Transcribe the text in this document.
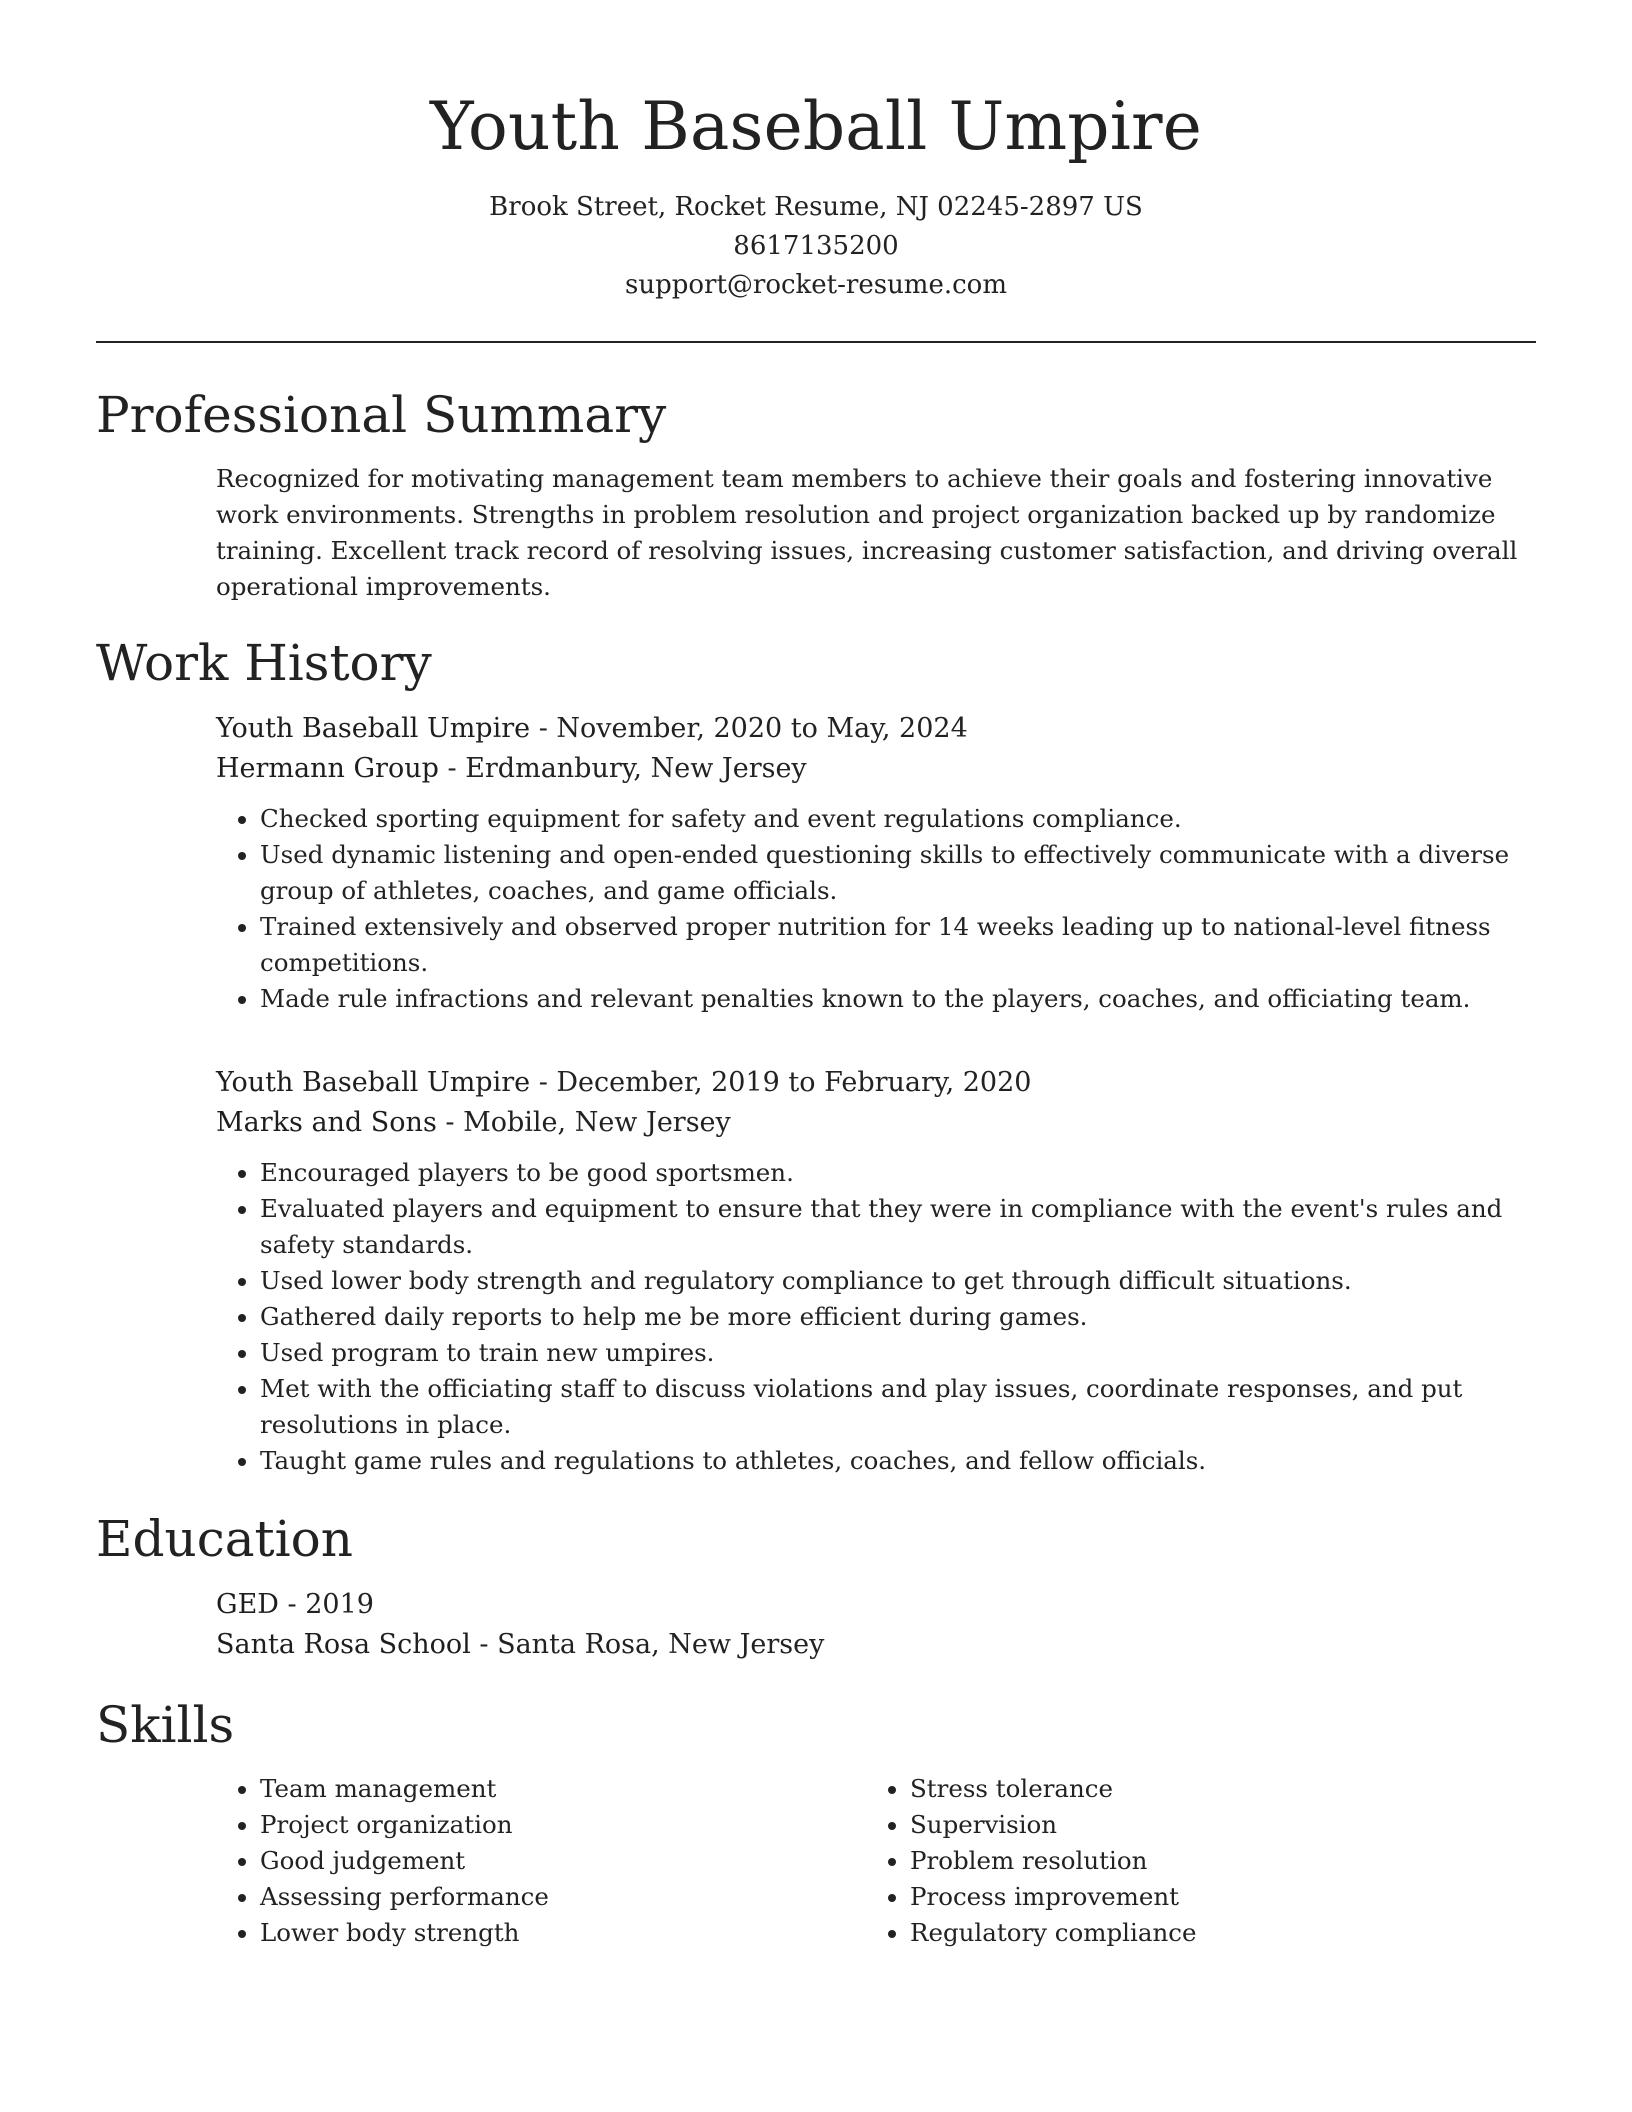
Youth Baseball Umpire
Brook Street, Rocket Resume, NJ 02245-2897 US
8617135200
support@rocket-resume.com
Professional Summary

Recognized for motivating management team members to achieve their goals and fostering innovative work environments. Strengths in problem resolution and project organization backed up by randomize training. Excellent track record of resolving issues, increasing customer satisfaction, and driving overall operational improvements.

Work History
Youth Baseball Umpire - November, 2020 to May, 2024
Hermann Group - Erdmanbury, New Jersey
• Checked sporting equipment for safety and event regulations compliance.
• Used dynamic listening and open-ended questioning skills to effectively communicate with a diverse group of athletes, coaches, and game officials.
• Trained extensively and observed proper nutrition for 14 weeks leading up to national-level fitness competitions.
• Made rule infractions and relevant penalties known to the players, coaches, and officiating team.
Youth Baseball Umpire - December, 2019 to February, 2020
Marks and Sons - Mobile, New Jersey
• Encouraged players to be good sportsmen.
• Evaluated players and equipment to ensure that they were in compliance with the event's rules and safety standards.
• Used lower body strength and regulatory compliance to get through difficult situations.
• Gathered daily reports to help me be more efficient during games.
• Used program to train new umpires.
• Met with the officiating staff to discuss violations and play issues, coordinate responses, and put resolutions in place.
• Taught game rules and regulations to athletes, coaches, and fellow officials.
Education
GED - 2019
Santa Rosa School - Santa Rosa, New Jersey
Skills
• Team management
• Project organization
• Good judgement
• Assessing performance
• Lower body strength
• Stress tolerance
• Supervision
• Problem resolution
• Process improvement
• Regulatory compliance
